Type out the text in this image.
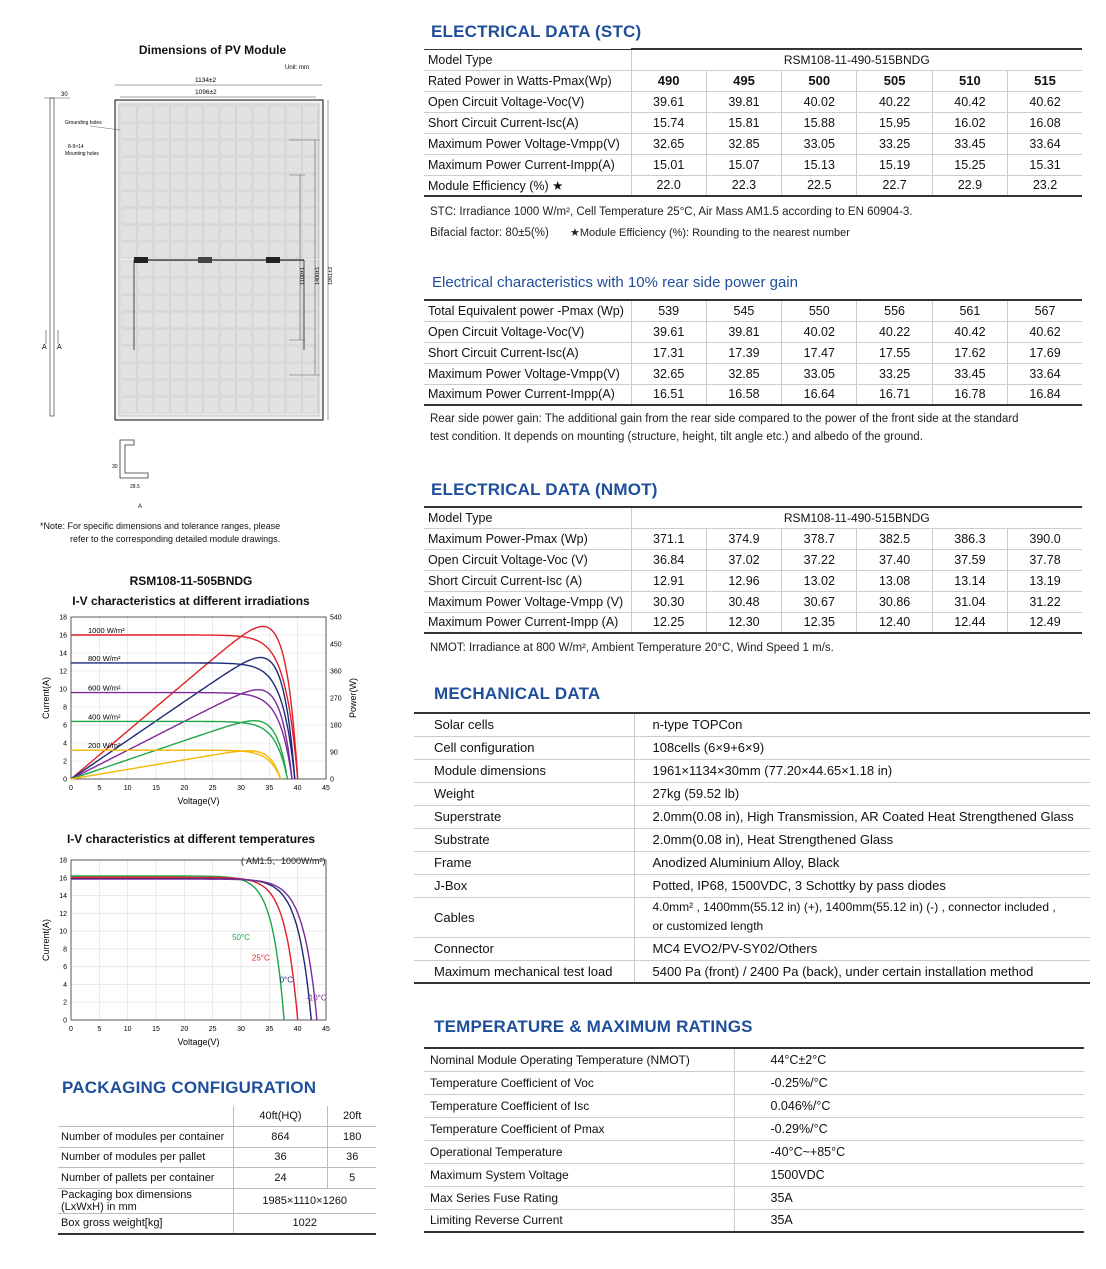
Dimensions of PV Module
Unit: mm
1134±2
1096±2
30
A A
Grounding holes
8-9×14
Mounting holes
1100±1 1400±1 1961±2
30
28.5
A
*Note: For specific dimensions and tolerance ranges, please
refer to the corresponding detailed module drawings.
RSM108-11-505BNDG
I-V characteristics at different irradiations
0	5	10	15	20	25	30	35	40	45
0
2
4
6
8
10
12
14
16
18
0
90
180
270
360
450
540
Power(W)
Voltage(V)
Current(A)
1000 W/m²
800 W/m²
600 W/m²
400 W/m²
200 W/m²
I-V characteristics at different temperatures
( AM1.5、1000W/m²)
0	5	10	15	20	25	30	35	40	45
0
2
4
6
8
10
12
14
16
18
Voltage(V)
Current(A)	50°C
25°C
0°C
-10°C
PACKAGING CONFIGURATION
	40ft(HQ)	20ft
Number of modules per container	864	180
Number of modules per pallet	36	36
Number of pallets per container	24	5
Packaging box dimensions (LxWxH) in mm	1985×1110×1260	
Box gross weight[kg]	1022	
ELECTRICAL DATA (STC)
Model Type	RSM108-11-490-515BNDG					
Rated Power in Watts-Pmax(Wp)	490	495	500	505	510	515
Open Circuit Voltage-Voc(V)	39.61	39.81	40.02	40.22	40.42	40.62
Short Circuit Current-Isc(A)	15.74	15.81	15.88	15.95	16.02	16.08
Maximum Power Voltage-Vmpp(V)	32.65	32.85	33.05	33.25	33.45	33.64
Maximum Power Current-Impp(A)	15.01	15.07	15.13	15.19	15.25	15.31
Module Efficiency (%) ★	22.0	22.3	22.5	22.7	22.9	23.2
STC: Irradiance 1000 W/m², Cell Temperature 25°C, Air Mass AM1.5 according to EN 60904-3.
Bifacial factor: 80±5(%) ★Module Efficiency (%): Rounding to the nearest number
Electrical characteristics with 10% rear side power gain
Total Equivalent power -Pmax (Wp)	539	545	550	556	561	567
Open Circuit Voltage-Voc(V)	39.61	39.81	40.02	40.22	40.42	40.62
Short Circuit Current-Isc(A)	17.31	17.39	17.47	17.55	17.62	17.69
Maximum Power Voltage-Vmpp(V)	32.65	32.85	33.05	33.25	33.45	33.64
Maximum Power Current-Impp(A)	16.51	16.58	16.64	16.71	16.78	16.84
Rear side power gain: The additional gain from the rear side compared to the power of the front side at the standard
test condition. It depends on mounting (structure, height, tilt angle etc.) and albedo of the ground.
ELECTRICAL DATA (NMOT)
Model Type	RSM108-11-490-515BNDG					
Maximum Power-Pmax (Wp)	371.1	374.9	378.7	382.5	386.3	390.0
Open Circuit Voltage-Voc (V)	36.84	37.02	37.22	37.40	37.59	37.78
Short Circuit Current-Isc (A)	12.91	12.96	13.02	13.08	13.14	13.19
Maximum Power Voltage-Vmpp (V)	30.30	30.48	30.67	30.86	31.04	31.22
Maximum Power Current-Impp (A)	12.25	12.30	12.35	12.40	12.44	12.49
NMOT: Irradiance at 800 W/m², Ambient Temperature 20°C, Wind Speed 1 m/s.
MECHANICAL DATA
Solar cells	n-type TOPCon
Cell configuration	108cells (6×9+6×9)
Module dimensions	1961×1134×30mm (77.20×44.65×1.18 in)
Weight	27kg (59.52 lb)
Superstrate	2.0mm(0.08 in), High Transmission, AR Coated Heat Strengthened Glass
Substrate	2.0mm(0.08 in), Heat Strengthened Glass
Frame	Anodized Aluminium Alloy, Black
J-Box	Potted, IP68, 1500VDC, 3 Schottky by pass diodes
Cables	4.0mm² , 1400mm(55.12 in) (+), 1400mm(55.12 in) (-) , connector included ,
or customized length

Connector	MC4 EVO2/PV-SY02/Others
Maximum mechanical test load	5400 Pa (front) / 2400 Pa (back), under certain installation method
TEMPERATURE & MAXIMUM RATINGS
Nominal Module Operating Temperature (NMOT)	44°C±2°C
Temperature Coefficient of Voc	-0.25%/°C
Temperature Coefficient of Isc	0.046%/°C
Temperature Coefficient of Pmax	-0.29%/°C
Operational Temperature	-40°C~+85°C
Maximum System Voltage	1500VDC
Max Series Fuse Rating	35A
Limiting Reverse Current	35A
